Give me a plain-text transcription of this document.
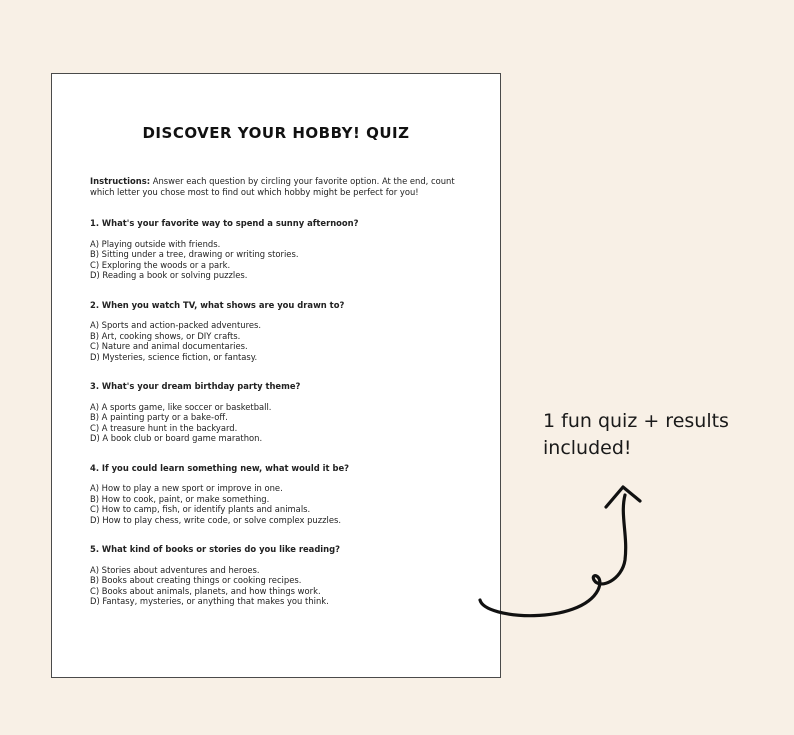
DISCOVER YOUR HOBBY! QUIZ

Instructions: Answer each question by circling your favorite option. At the end, count which letter you chose most to find out which hobby might be perfect for you!

1. What's your favorite way to spend a sunny afternoon?
A) Playing outside with friends.
B) Sitting under a tree, drawing or writing stories.
C) Exploring the woods or a park.
D) Reading a book or solving puzzles.
2. When you watch TV, what shows are you drawn to?
A) Sports and action-packed adventures.
B) Art, cooking shows, or DIY crafts.
C) Nature and animal documentaries.
D) Mysteries, science fiction, or fantasy.
3. What's your dream birthday party theme?
A) A sports game, like soccer or basketball.
B) A painting party or a bake-off.
C) A treasure hunt in the backyard.
D) A book club or board game marathon.
4. If you could learn something new, what would it be?
A) How to play a new sport or improve in one.
B) How to cook, paint, or make something.
C) How to camp, fish, or identify plants and animals.
D) How to play chess, write code, or solve complex puzzles.
5. What kind of books or stories do you like reading?
A) Stories about adventures and heroes.
B) Books about creating things or cooking recipes.
C) Books about animals, planets, and how things work.
D) Fantasy, mysteries, or anything that makes you think.
1 fun quiz + results
included!
